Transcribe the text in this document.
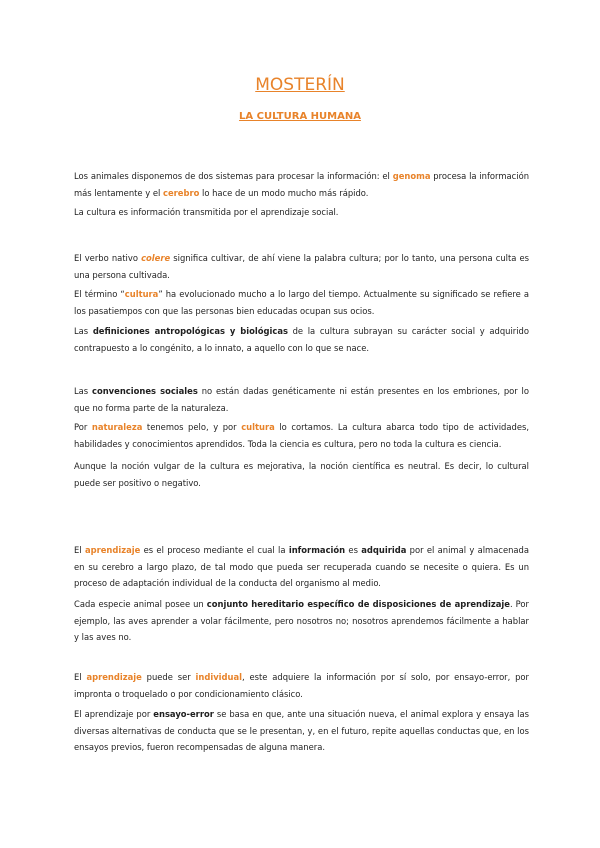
MOSTERÍN
LA CULTURA HUMANA

Los animales disponemos de dos sistemas para procesar la información: el genoma procesa la información más lentamente y el cerebro lo hace de un modo mucho más rápido.

La cultura es información transmitida por el aprendizaje social.

El verbo nativo colere significa cultivar, de ahí viene la palabra cultura; por lo tanto, una persona culta es una persona cultivada.

El término “cultura” ha evolucionado mucho a lo largo del tiempo. Actualmente su significado se refiere a los pasatiempos con que las personas bien educadas ocupan sus ocios.

Las definiciones antropológicas y biológicas de la cultura subrayan su carácter social y adquirido contrapuesto a lo congénito, a lo innato, a aquello con lo que se nace.

Las convenciones sociales no están dadas genéticamente ni están presentes en los embriones, por lo que no forma parte de la naturaleza.

Por naturaleza tenemos pelo, y por cultura lo cortamos. La cultura abarca todo tipo de actividades, habilidades y conocimientos aprendidos. Toda la ciencia es cultura, pero no toda la cultura es ciencia.

Aunque la noción vulgar de la cultura es mejorativa, la noción científica es neutral. Es decir, lo cultural puede ser positivo o negativo.

El aprendizaje es el proceso mediante el cual la información es adquirida por el animal y almacenada en su cerebro a largo plazo, de tal modo que pueda ser recuperada cuando se necesite o quiera. Es un proceso de adaptación individual de la conducta del organismo al medio.

Cada especie animal posee un conjunto hereditario específico de disposiciones de aprendizaje. Por ejemplo, las aves aprender a volar fácilmente, pero nosotros no; nosotros aprendemos fácilmente a hablar y las aves no.

El aprendizaje puede ser individual, este adquiere la información por sí solo, por ensayo-error, por impronta o troquelado o por condicionamiento clásico.

El aprendizaje por ensayo-error se basa en que, ante una situación nueva, el animal explora y ensaya las diversas alternativas de conducta que se le presentan, y, en el futuro, repite aquellas conductas que, en los ensayos previos, fueron recompensadas de alguna manera.
